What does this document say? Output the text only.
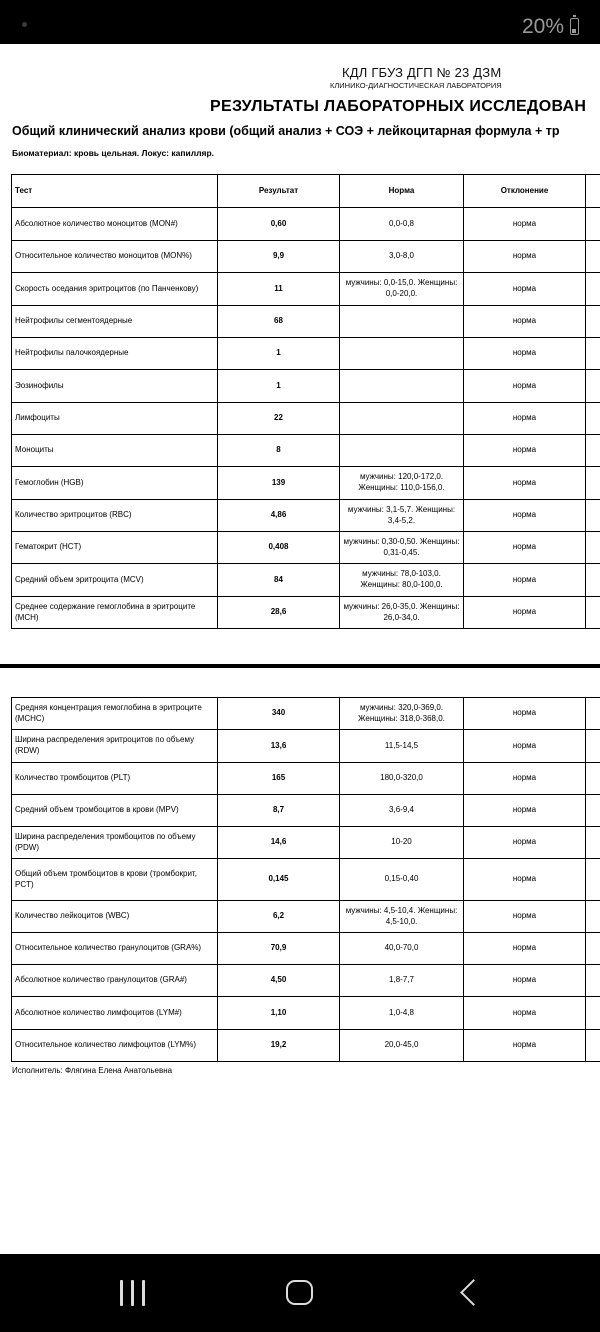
20%
КДЛ ГБУЗ ДГП № 23 ДЗМ
КЛИНИКО-ДИАГНОСТИЧЕСКАЯ ЛАБОРАТОРИЯ
РЕЗУЛЬТАТЫ ЛАБОРАТОРНЫХ ИССЛЕДОВАН
Общий клинический анализ крови (общий анализ + СОЭ + лейкоцитарная формула + тр
Биоматериал: кровь цельная. Локус: капилляр.
Тест	Результат	Норма	Отклонение	
Абсолютное количество моноцитов (MON#)	0,60	0,0-0,8	норма	
Относительное количество моноцитов (MON%)	9,9	3,0-8,0	норма	
Скорость оседания эритроцитов (по Панченкову)	11	мужчины: 0,0-15,0. Женщины: 0,0-20,0.	норма	
Нейтрофилы сегментоядерные	68		норма	
Нейтрофилы палочкоядерные	1		норма	
Эозинофилы	1		норма	
Лимфоциты	22		норма	
Моноциты	8		норма	
Гемоглобин (HGB)	139	мужчины: 120,0-172,0. Женщины: 110,0-156,0.	норма	
Количество эритроцитов (RBC)	4,86	мужчины: 3,1-5,7. Женщины: 3,4-5,2.	норма	
Гематокрит (HCT)	0,408	мужчины: 0,30-0,50. Женщины: 0,31-0,45.	норма	
Средний объем эритроцита (MCV)	84	мужчины: 78,0-103,0. Женщины: 80,0-100,0.	норма	
Среднее содержание гемоглобина в эритроците (MCH)	28,6	мужчины: 26,0-35,0. Женщины: 26,0-34,0.	норма	
Средняя концентрация гемоглобина в эритроците (MCHC)	340	мужчины: 320,0-369,0. Женщины: 318,0-368,0.	норма	
Ширина распределения эритроцитов по объему (RDW)	13,6	11,5-14,5	норма	
Количество тромбоцитов (PLT)	165	180,0-320,0	норма	
Средний объем тромбоцитов в крови (MPV)	8,7	3,6-9,4	норма	
Ширина распределения тромбоцитов по объему (PDW)	14,6	10-20	норма	
Общий объем тромбоцитов в крови (тромбокрит, PCT)	0,145	0,15-0,40	норма	
Количество лейкоцитов (WBC)	6,2	мужчины: 4,5-10,4. Женщины: 4,5-10,0.	норма	
Относительное количество гранулоцитов (GRA%)	70,9	40,0-70,0	норма	
Абсолютное количество гранулоцитов (GRA#)	4,50	1,8-7,7	норма	
Абсолютное количество лимфоцитов (LYM#)	1,10	1,0-4,8	норма	
Относительное количество лимфоцитов (LYM%)	19,2	20,0-45,0	норма	
Исполнитель: Флягина Елена Анатольевна
